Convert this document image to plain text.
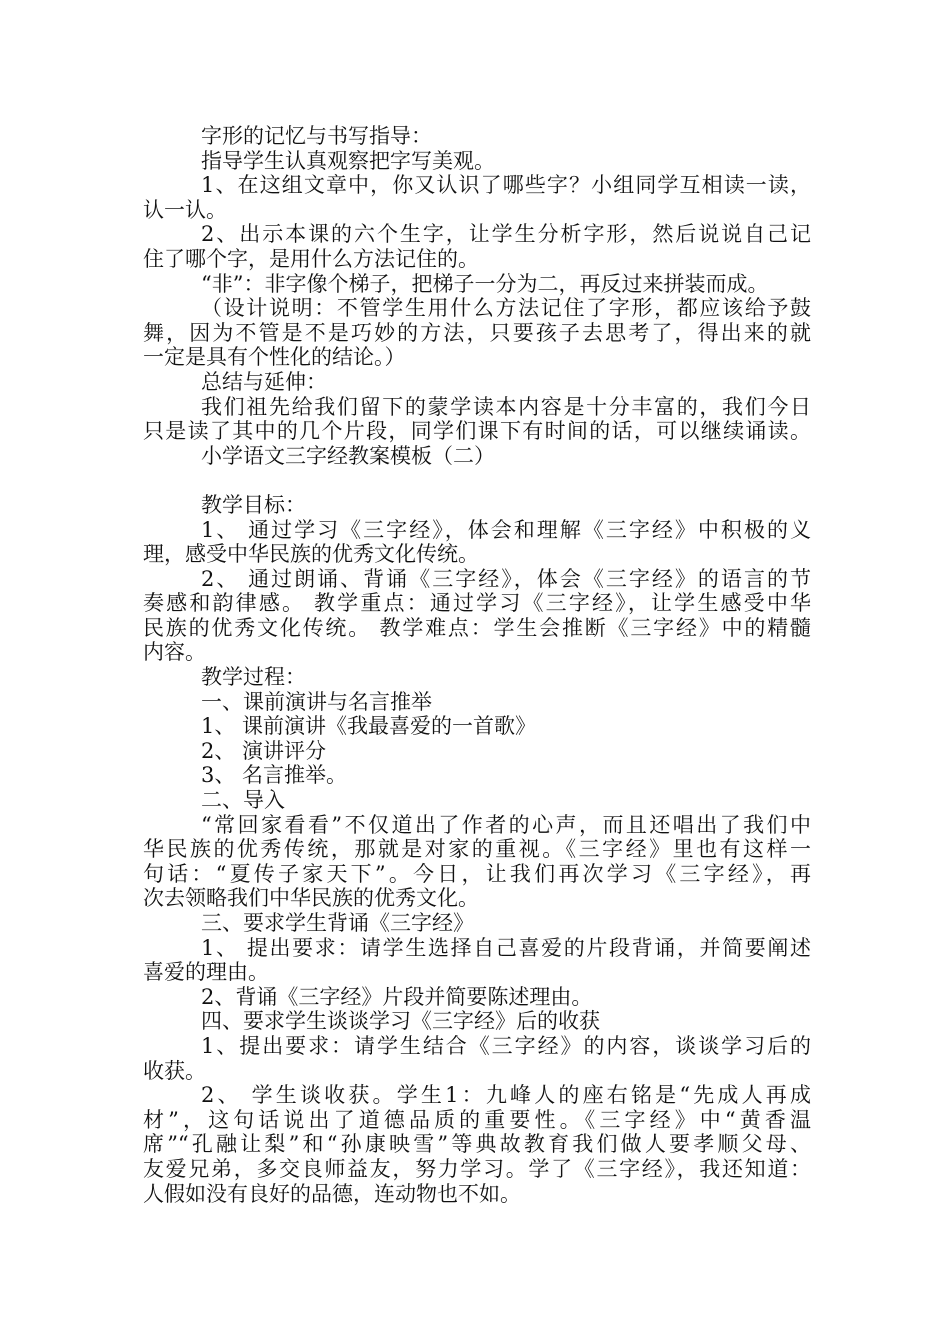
字形的记忆与书写指导：
指导学生认真观察把字写美观。
1、在这组文章中，你又认识了哪些字？小组同学互相读一读，
认一认。
2、出示本课的六个生字，让学生分析字形，然后说说自己记
住了哪个字，是用什么方法记住的。
“非”：非字像个梯子，把梯子一分为二，再反过来拼装而成。
（设计说明：不管学生用什么方法记住了字形，都应该给予鼓
舞，因为不管是不是巧妙的方法，只要孩子去思考了，得出来的就
一定是具有个性化的结论。）
总结与延伸：
我们祖先给我们留下的蒙学读本内容是十分丰富的，我们今日
只是读了其中的几个片段，同学们课下有时间的话，可以继续诵读。
小学语文三字经教案模板（二）
教学目标：
1、 通过学习《三字经》，体会和理解《三字经》中积极的义
理，感受中华民族的优秀文化传统。
2、 通过朗诵、背诵《三字经》，体会《三字经》的语言的节
奏感和韵律感。 教学重点：通过学习《三字经》，让学生感受中华
民族的优秀文化传统。 教学难点：学生会推断《三字经》中的精髓
内容。
教学过程：
一、课前演讲与名言推举
1、 课前演讲《我最喜爱的一首歌》
2、 演讲评分
3、 名言推举。
二、导入
“常回家看看”不仅道出了作者的心声，而且还唱出了我们中
华民族的优秀传统，那就是对家的重视。《三字经》里也有这样一
句话：“夏传子家天下”。今日，让我们再次学习《三字经》，再
次去领略我们中华民族的优秀文化。
三、要求学生背诵《三字经》
1、 提出要求：请学生选择自己喜爱的片段背诵，并简要阐述
喜爱的理由。
2、背诵《三字经》片段并简要陈述理由。
四、要求学生谈谈学习《三字经》后的收获
1、提出要求：请学生结合《三字经》的内容，谈谈学习后的
收获。
2、 学生谈收获。学生1：九峰人的座右铭是“先成人再成
材”，这句话说出了道德品质的重要性。《三字经》中“黄香温
席”“孔融让梨”和“孙康映雪”等典故教育我们做人要孝顺父母、
友爱兄弟，多交良师益友，努力学习。学了《三字经》，我还知道：
人假如没有良好的品德，连动物也不如。
